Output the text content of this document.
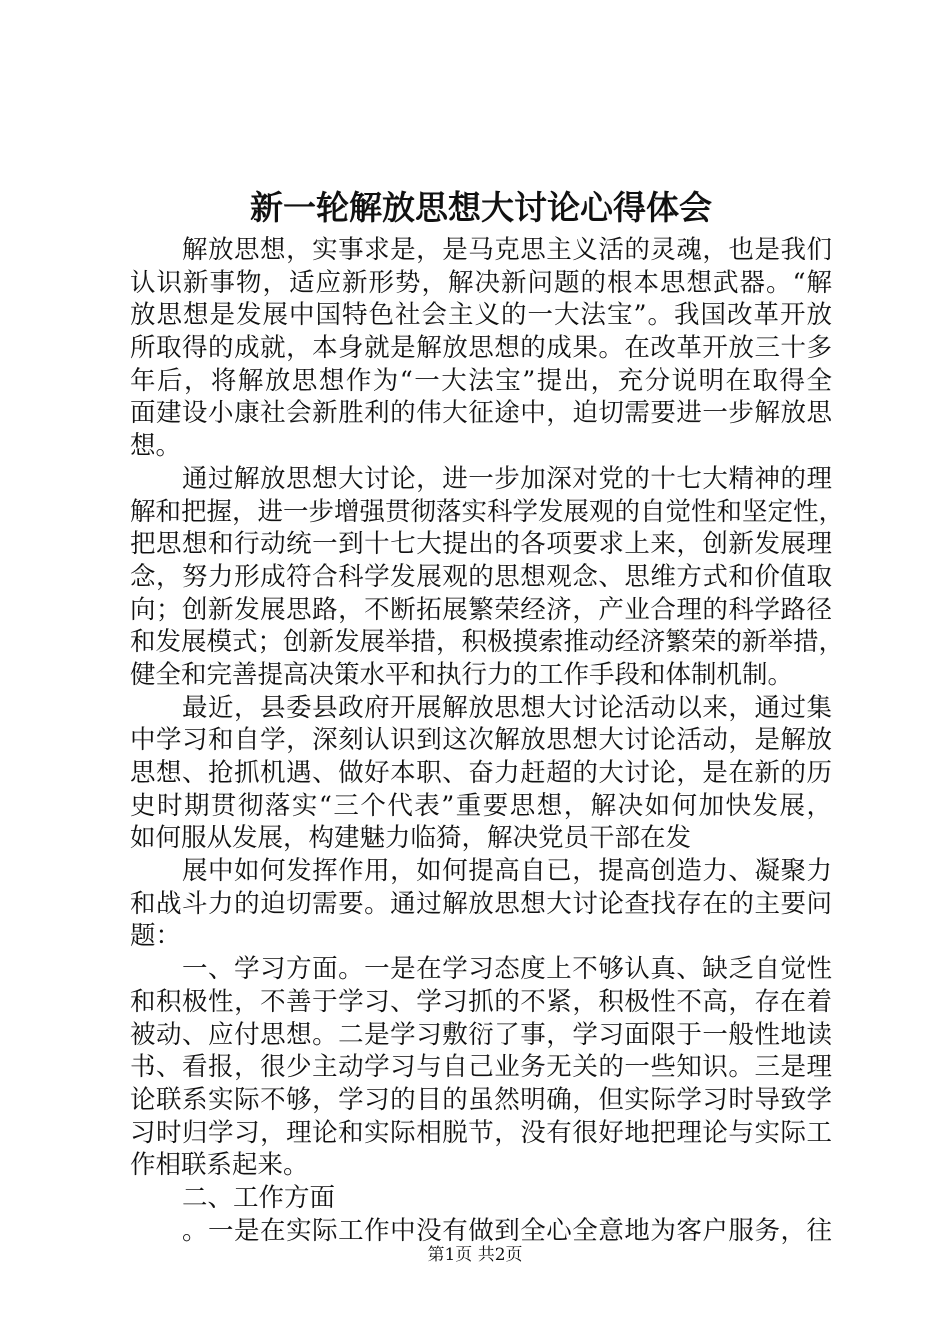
新一轮解放思想大讨论心得体会
解放思想，实事求是，是马克思主义活的灵魂，也是我们
认识新事物，适应新形势，解决新问题的根本思想武器。“解
放思想是发展中国特色社会主义的一大法宝”。我国改革开放
所取得的成就，本身就是解放思想的成果。在改革开放三十多
年后，将解放思想作为“一大法宝”提出，充分说明在取得全
面建设小康社会新胜利的伟大征途中，迫切需要进一步解放思
想。
通过解放思想大讨论，进一步加深对党的十七大精神的理
解和把握，进一步增强贯彻落实科学发展观的自觉性和坚定性，
把思想和行动统一到十七大提出的各项要求上来，创新发展理
念，努力形成符合科学发展观的思想观念、思维方式和价值取
向；创新发展思路，不断拓展繁荣经济，产业合理的科学路径
和发展模式；创新发展举措，积极摸索推动经济繁荣的新举措，
健全和完善提高决策水平和执行力的工作手段和体制机制。
最近，县委县政府开展解放思想大讨论活动以来，通过集
中学习和自学，深刻认识到这次解放思想大讨论活动，是解放
思想、抢抓机遇、做好本职、奋力赶超的大讨论，是在新的历
史时期贯彻落实“三个代表”重要思想，解决如何加快发展，
如何服从发展，构建魅力临猗，解决党员干部在发
展中如何发挥作用，如何提高自已，提高创造力、凝聚力
和战斗力的迫切需要。通过解放思想大讨论查找存在的主要问
题：
一、学习方面。一是在学习态度上不够认真、缺乏自觉性
和积极性，不善于学习、学习抓的不紧，积极性不高，存在着
被动、应付思想。二是学习敷衍了事，学习面限于一般性地读
书、看报，很少主动学习与自己业务无关的一些知识。三是理
论联系实际不够，学习的目的虽然明确，但实际学习时导致学
习时归学习，理论和实际相脱节，没有很好地把理论与实际工
作相联系起来。
二、工作方面
。一是在实际工作中没有做到全心全意地为客户服务，往
第1页 共2页
